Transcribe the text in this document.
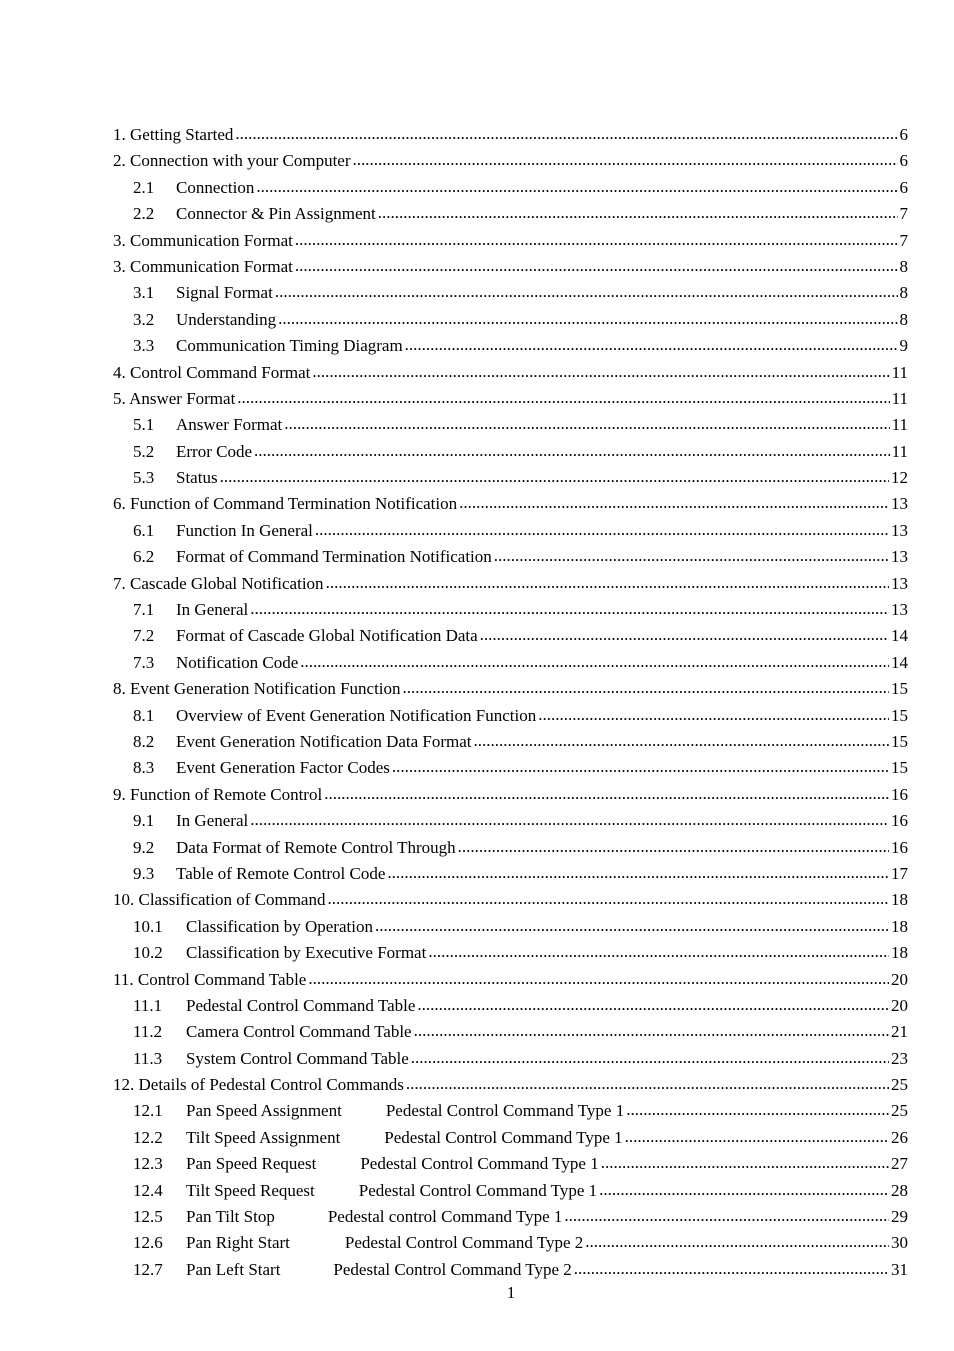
1. Getting Started .....	6
2. Connection with your Computer .....	6
2.1 Connection .....	6
2.2 Connector & Pin Assignment .....	7
3. Communication Format .....	7
3. Communication Format .....	8
3.1 Signal Format .....	8
3.2 Understanding .....	8
3.3 Communication Timing Diagram .....	9
4. Control Command Format .....	11
5. Answer Format .....	11
5.1 Answer Format .....	11
5.2 Error Code .....	11
5.3 Status .....	12
6. Function of Command Termination Notification .....	13
6.1 Function In General .....	13
6.2 Format of Command Termination Notification .....	13
7. Cascade Global Notification .....	13
7.1 In General .....	13
7.2 Format of Cascade Global Notification Data .....	14
7.3 Notification Code .....	14
8. Event Generation Notification Function .....	15
8.1 Overview of Event Generation Notification Function .....	15
8.2 Event Generation Notification Data Format .....	15
8.3 Event Generation Factor Codes .....	15
9. Function of Remote Control .....	16
9.1 In General .....	16
9.2 Data Format of Remote Control Through .....	16
9.3 Table of Remote Control Code .....	17
10. Classification of Command .....	18
10.1 Classification by Operation .....	18
10.2 Classification by Executive Format .....	18
11. Control Command Table .....	20
11.1 Pedestal Control Command Table .....	20
11.2 Camera Control Command Table .....	21
11.3 System Control Command Table .....	23
12. Details of Pedestal Control Commands .....	25
12.1 Pan Speed Assignment	Pedestal Control Command Type 1 .....	25
12.2 Tilt Speed Assignment	Pedestal Control Command Type 1 .....	26
12.3 Pan Speed Request	Pedestal Control Command Type 1 .....	27
12.4 Tilt Speed Request	Pedestal Control Command Type 1 .....	28
12.5 Pan Tilt Stop	Pedestal control Command Type 1 .....	29
12.6 Pan Right Start	Pedestal Control Command Type 2 .....	30
12.7 Pan Left Start	Pedestal Control Command Type 2 .....	31
1
